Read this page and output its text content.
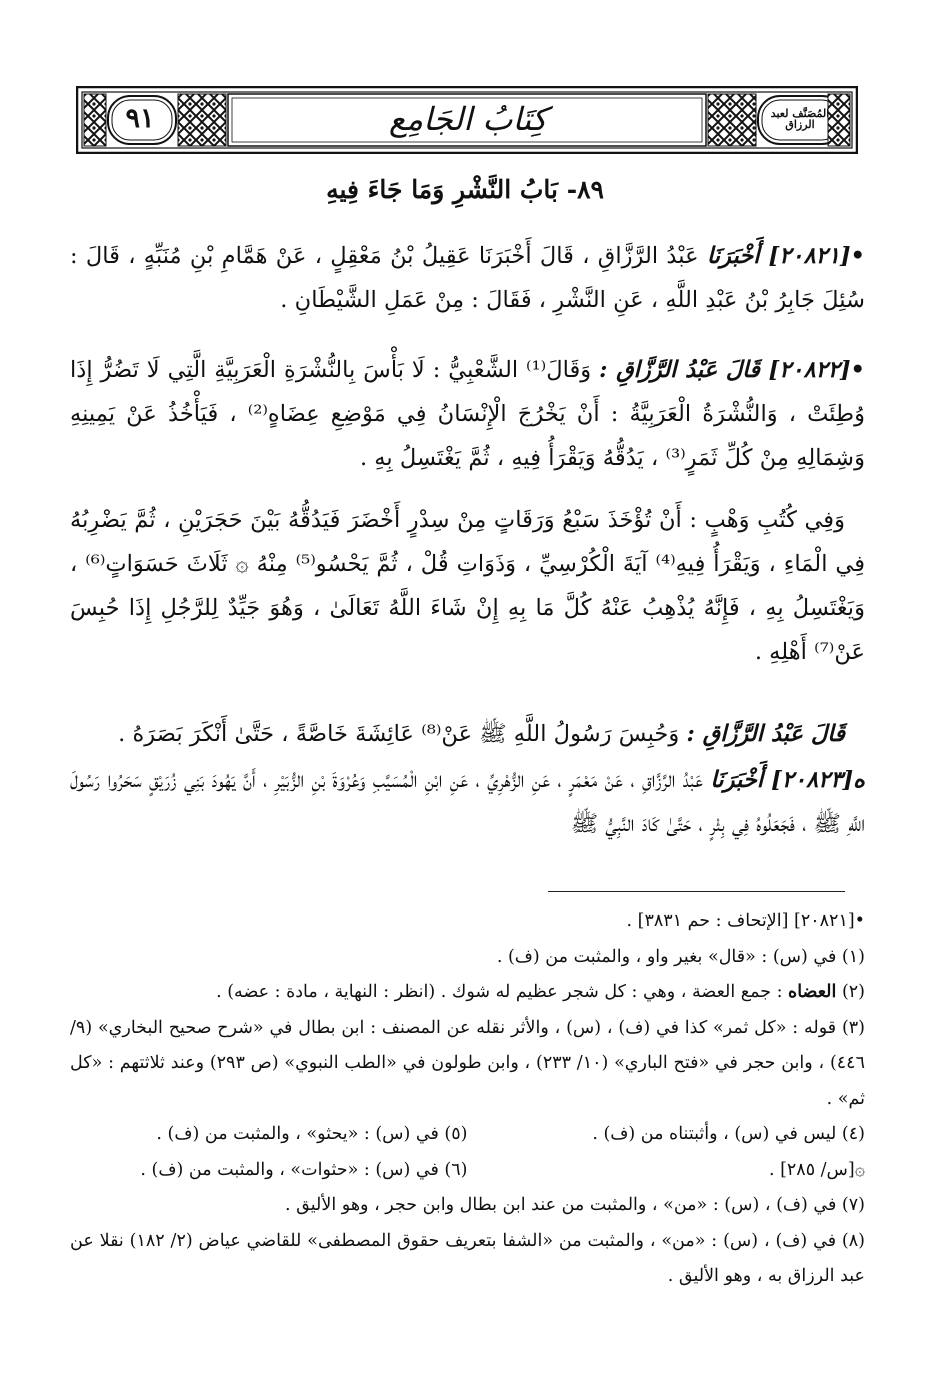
٩١	كِتَابُ الجَامِع	المُصَنَّف لعبد الرزاق
٨٩- بَابُ النَّشْرِ وَمَا جَاءَ فِيهِ
•[٢٠٨٢١] أَخْبَرَنَا عَبْدُ الرَّزَّاقِ ، قَالَ أَخْبَرَنَا عَقِيلُ بْنُ مَعْقِلٍ ، عَنْ هَمَّامِ بْنِ مُنَبِّهٍ ، قَالَ : سُئِلَ جَابِرُ بْنُ عَبْدِ اللَّهِ ، عَنِ النَّشْرِ ، فَقَالَ : مِنْ عَمَلِ الشَّيْطَانِ .
•[٢٠٨٢٢] قَالَ عَبْدُ الرَّزَّاقِ : وَقَالَ⁽¹⁾ الشَّعْبِيُّ : لَا بَأْسَ بِالنُّشْرَةِ الْعَرَبِيَّةِ الَّتِي لَا تَضُرُّ إِذَا وُطِئَتْ ، وَالنُّشْرَةُ الْعَرَبِيَّةُ : أَنْ يَخْرُجَ الْإِنْسَانُ فِي مَوْضِعِ عِضَاهٍ⁽²⁾ ، فَيَأْخُذُ عَنْ يَمِينِهِ وَشِمَالِهِ مِنْ كُلِّ ثَمَرٍ⁽³⁾ ، يَدُقُّهُ وَيَقْرَأُ فِيهِ ، ثُمَّ يَغْتَسِلُ بِهِ .
وَفِي كُتُبِ وَهْبٍ : أَنْ تُؤْخَذَ سَبْعُ وَرَقَاتٍ مِنْ سِدْرٍ أَخْضَرَ فَيَدُقُّهُ بَيْنَ حَجَرَيْنِ ، ثُمَّ يَضْرِبُهُ فِي الْمَاءِ ، وَيَقْرَأُ فِيهِ⁽⁴⁾ آيَةَ الْكُرْسِيِّ ، وَذَوَاتِ قُلْ ، ثُمَّ يَحْسُو⁽⁵⁾ مِنْهُ ۞ ثَلَاثَ حَسَوَاتٍ⁽⁶⁾ ، وَيَغْتَسِلُ بِهِ ، فَإِنَّهُ يُذْهِبُ عَنْهُ كُلَّ مَا بِهِ إِنْ شَاءَ اللَّهُ تَعَالَىٰ ، وَهُوَ جَيِّدٌ لِلرَّجُلِ إِذَا حُبِسَ عَنْ⁽⁷⁾ أَهْلِهِ .
قَالَ عَبْدُ الرَّزَّاقِ : وَحُبِسَ رَسُولُ اللَّهِ ﷺ عَنْ⁽⁸⁾ عَائِشَةَ خَاصَّةً ، حَتَّىٰ أَنْكَرَ بَصَرَهُ .
ه[٢٠٨٢٣] أَخْبَرَنَا عَبْدُ الرَّزَّاقِ ، عَنْ مَعْمَرٍ ، عَنِ الزُّهْرِيِّ ، عَنِ ابْنِ الْمُسَيَّبِ وَعُرْوَةَ بْنِ الزُّبَيْرِ ، أَنَّ يَهُودَ بَنِي زُرَيْقٍ سَحَرُوا رَسُولَ اللَّهِ ﷺ ، فَجَعَلُوهُ فِي بِئْرٍ ، حَتَّىٰ كَادَ النَّبِيُّ ﷺ
•[٢٠٨٢١] [الإتحاف : حم ٣٨٣١] .
(١) في (س) : «قال» بغير واو ، والمثبت من (ف) .
(٢) العضاه : جمع العضة ، وهي : كل شجر عظيم له شوك . (انظر : النهاية ، مادة : عضه) .
(٣) قوله : «كل ثمر» كذا في (ف) ، (س) ، والأثر نقله عن المصنف : ابن بطال في «شرح صحيح البخاري» (٩/ ٤٤٦) ، وابن حجر في «فتح الباري» (١٠/ ٢٣٣) ، وابن طولون في «الطب النبوي» (ص ٢٩٣) وعند ثلاثتهم : «كل ثم» .
(٤) ليس في (س) ، وأثبتناه من (ف) .
(٥) في (س) : «يحثو» ، والمثبت من (ف) .
۞[س/ ٢٨٥] .
(٦) في (س) : «حثوات» ، والمثبت من (ف) .
(٧) في (ف) ، (س) : «من» ، والمثبت من عند ابن بطال وابن حجر ، وهو الأليق .
(٨) في (ف) ، (س) : «من» ، والمثبت من «الشفا بتعريف حقوق المصطفى» للقاضي عياض (٢/ ١٨٢) نقلا عن عبد الرزاق به ، وهو الأليق .
